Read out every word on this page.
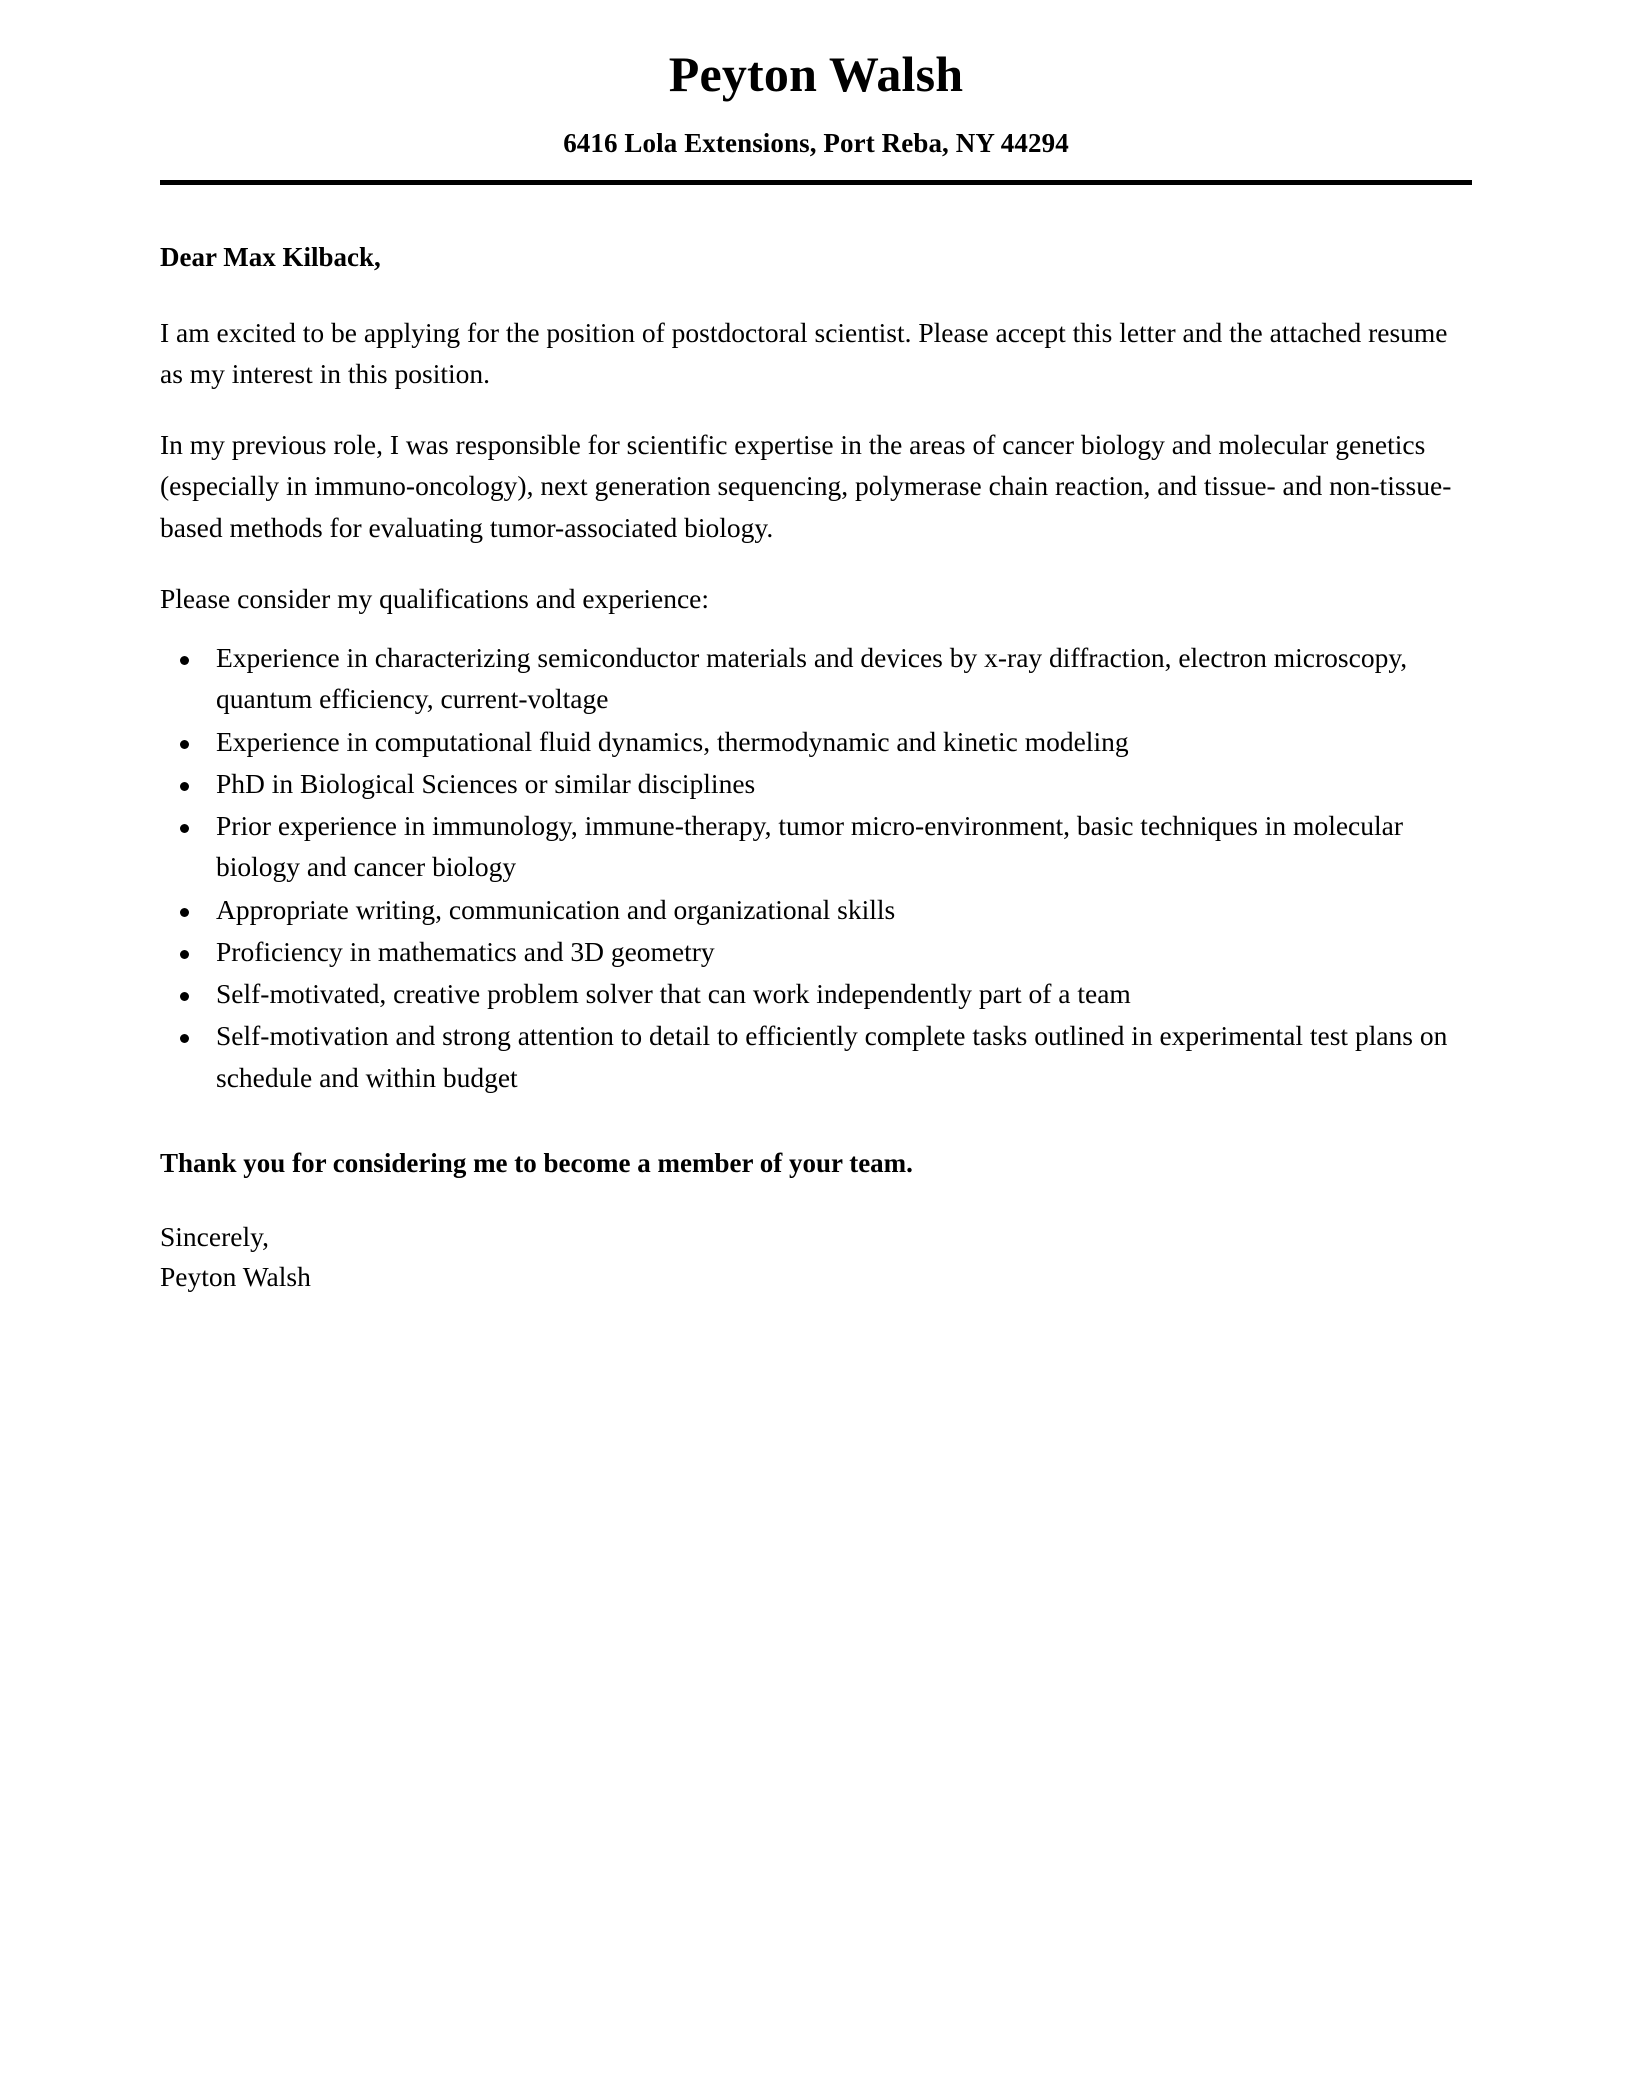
Peyton Walsh
6416 Lola Extensions, Port Reba, NY 44294
Dear Max Kilback,

I am excited to be applying for the position of postdoctoral scientist. Please accept this letter and the attached resume as my interest in this position.

In my previous role, I was responsible for scientific expertise in the areas of cancer biology and molecular genetics (especially in immuno-oncology), next generation sequencing, polymerase chain reaction, and tissue- and non-tissue-based methods for evaluating tumor-associated biology.

Please consider my qualifications and experience:

Experience in characterizing semiconductor materials and devices by x-ray diffraction, electron microscopy, quantum efficiency, current-voltage
Experience in computational fluid dynamics, thermodynamic and kinetic modeling
PhD in Biological Sciences or similar disciplines
Prior experience in immunology, immune-therapy, tumor micro-environment, basic techniques in molecular biology and cancer biology
Appropriate writing, communication and organizational skills
Proficiency in mathematics and 3D geometry
Self-motivated, creative problem solver that can work independently part of a team
Self-motivation and strong attention to detail to efficiently complete tasks outlined in experimental test plans on schedule and within budget

Thank you for considering me to become a member of your team.

Sincerely,
Peyton Walsh
